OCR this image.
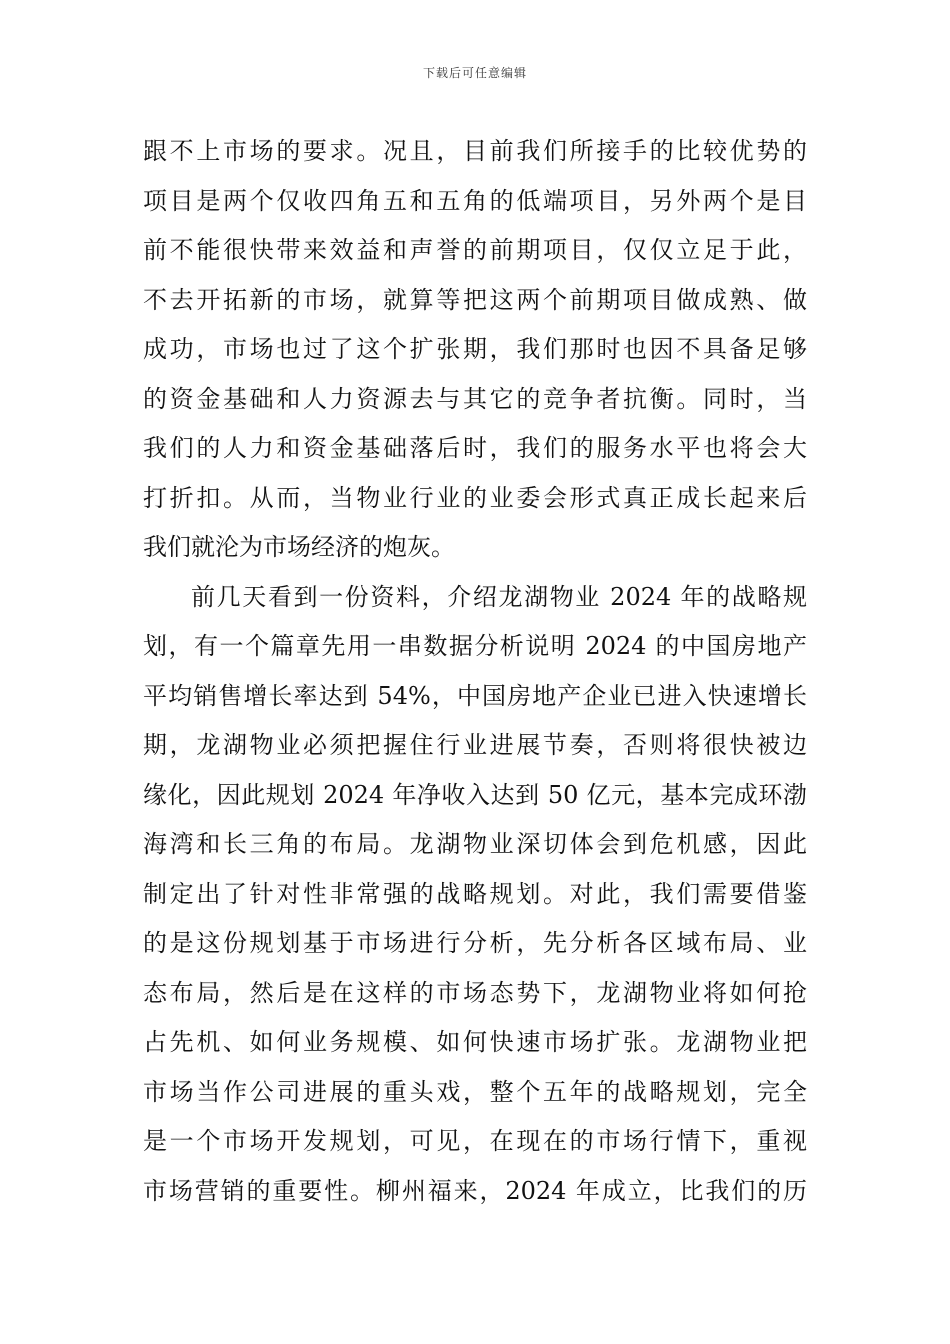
下载后可任意编辑
跟不上市场的要求。况且，目前我们所接手的比较优势的
项目是两个仅收四角五和五角的低端项目，另外两个是目
前不能很快带来效益和声誉的前期项目，仅仅立足于此，
不去开拓新的市场，就算等把这两个前期项目做成熟、做
成功，市场也过了这个扩张期，我们那时也因不具备足够
的资金基础和人力资源去与其它的竞争者抗衡。同时，当
我们的人力和资金基础落后时，我们的服务水平也将会大
打折扣。从而，当物业行业的业委会形式真正成长起来后
我们就沦为市场经济的炮灰。
前几天看到一份资料，介绍龙湖物业 2024 年的战略规
划，有一个篇章先用一串数据分析说明 2024 的中国房地产
平均销售增长率达到 54%，中国房地产企业已进入快速增长
期，龙湖物业必须把握住行业进展节奏，否则将很快被边
缘化，因此规划 2024 年净收入达到 50 亿元，基本完成环渤
海湾和长三角的布局。龙湖物业深切体会到危机感，因此
制定出了针对性非常强的战略规划。对此，我们需要借鉴
的是这份规划基于市场进行分析，先分析各区域布局、业
态布局，然后是在这样的市场态势下，龙湖物业将如何抢
占先机、如何业务规模、如何快速市场扩张。龙湖物业把
市场当作公司进展的重头戏，整个五年的战略规划，完全
是一个市场开发规划，可见，在现在的市场行情下，重视
市场营销的重要性。柳州福来，2024 年成立，比我们的历
